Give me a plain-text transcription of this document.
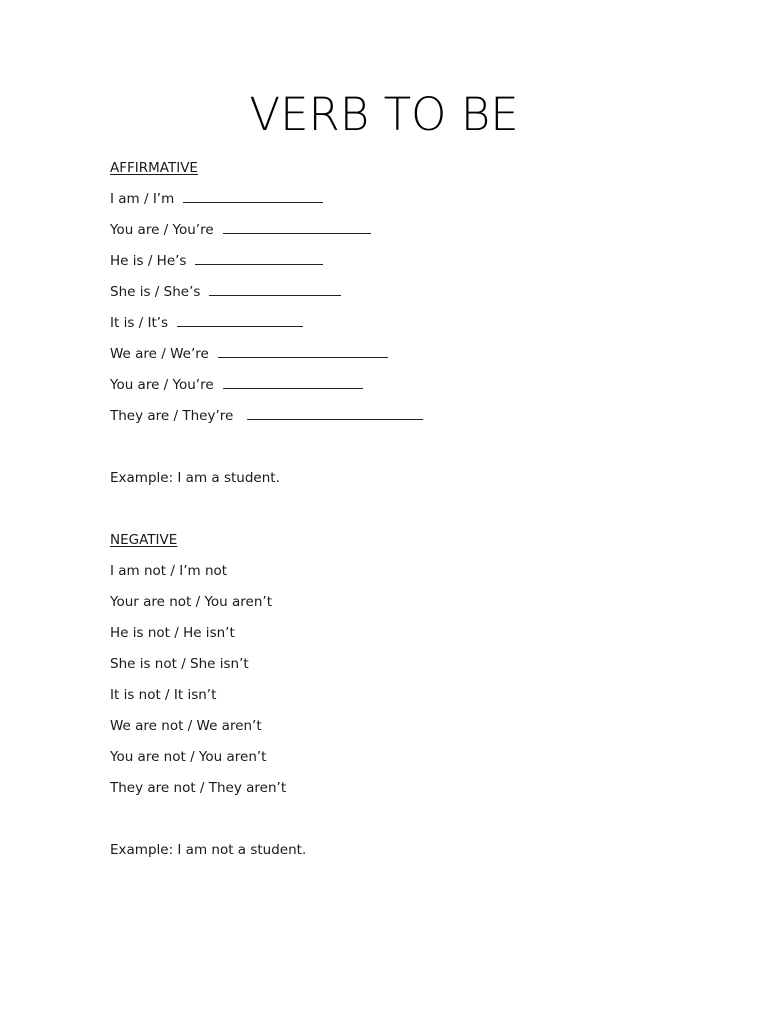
VERB TO BE
AFFIRMATIVE
I am / I’m
You are / You’re
He is / He’s
She is / She’s
It is / It’s
We are / We’re
You are / You’re
They are / They’re
Example: I am a student.
NEGATIVE
I am not / I’m not
Your are not / You aren’t
He is not / He isn’t
She is not / She isn’t
It is not / It isn’t
We are not / We aren’t
You are not / You aren’t
They are not / They aren’t
Example: I am not a student.
